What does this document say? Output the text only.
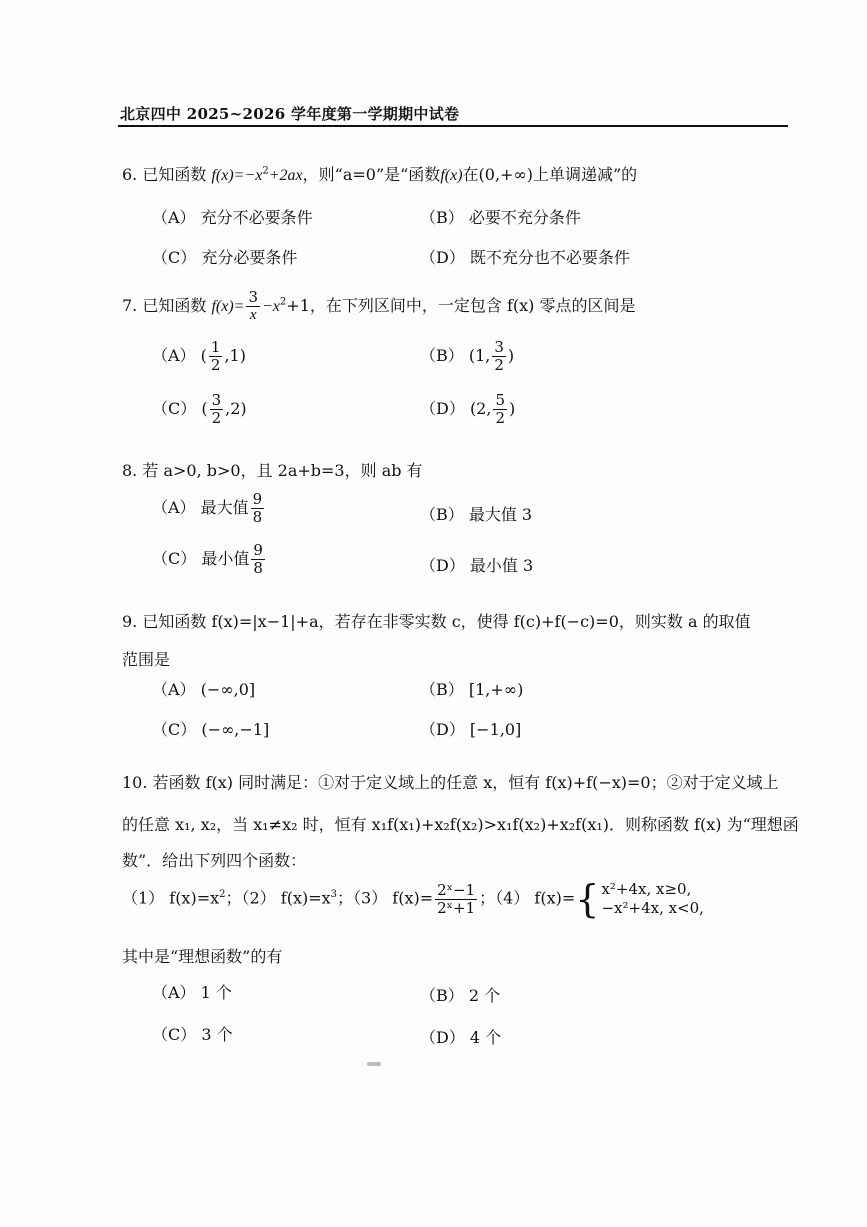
北京四中 2025~2026 学年度第一学期期中试卷
6. 已知函数 $f(x)=-x^2+2ax$，则“a=0”是“函数f(x)在(0,+∞)上单调递减”的
（A） 充分不必要条件	（B） 必要不充分条件
（C） 充分必要条件	（D） 既不充分也不必要条件
7. 已知函数 $f(x)= \frac{3}{x} -x^2+1$，在下列区间中，一定包含 f(x) 零点的区间是
（A） ( $\frac{1}{2} ,1$)	（B） (1, $\frac{3}{2}$ )
（C） ( $\frac{3}{2} ,2$)	（D） (2, $\frac{5}{2}$ )
8. 若 a>0, b>0，且 2a+b=3，则 ab 有
（A） 最大值 $\frac{9}{8}$	（B） 最大值 3
（C） 最小值 $\frac{9}{8}$	（D） 最小值 3
9. 已知函数 f(x)=|x−1|+a，若存在非零实数 c，使得 f(c)+f(−c)=0，则实数 a 的取值
范围是
（A） (−∞,0]	（B） [1,+∞)
（C） (−∞,−1]	（D） [−1,0]
10. 若函数 f(x) 同时满足：①对于定义域上的任意 x，恒有 f(x)+f(−x)=0；②对于定义域上
的任意 x₁, x₂，当 x₁≠x₂ 时，恒有 x₁f(x₁)+x₂f(x₂)>x₁f(x₂)+x₂f(x₁)．则称函数 f(x) 为“理想函
数”．给出下列四个函数：
（1） $f(x)=x^2$；（2） $f(x)=x^3$；（3） $f(x)= \frac{\text{2ˣ−1}}{\text{2ˣ+1}}$ ；（4） f(x)= { x²+4x, x≥0,
−x²+4x, x<0,
其中是“理想函数”的有
（A） 1 个	（B） 2 个
（C） 3 个	（D） 4 个
